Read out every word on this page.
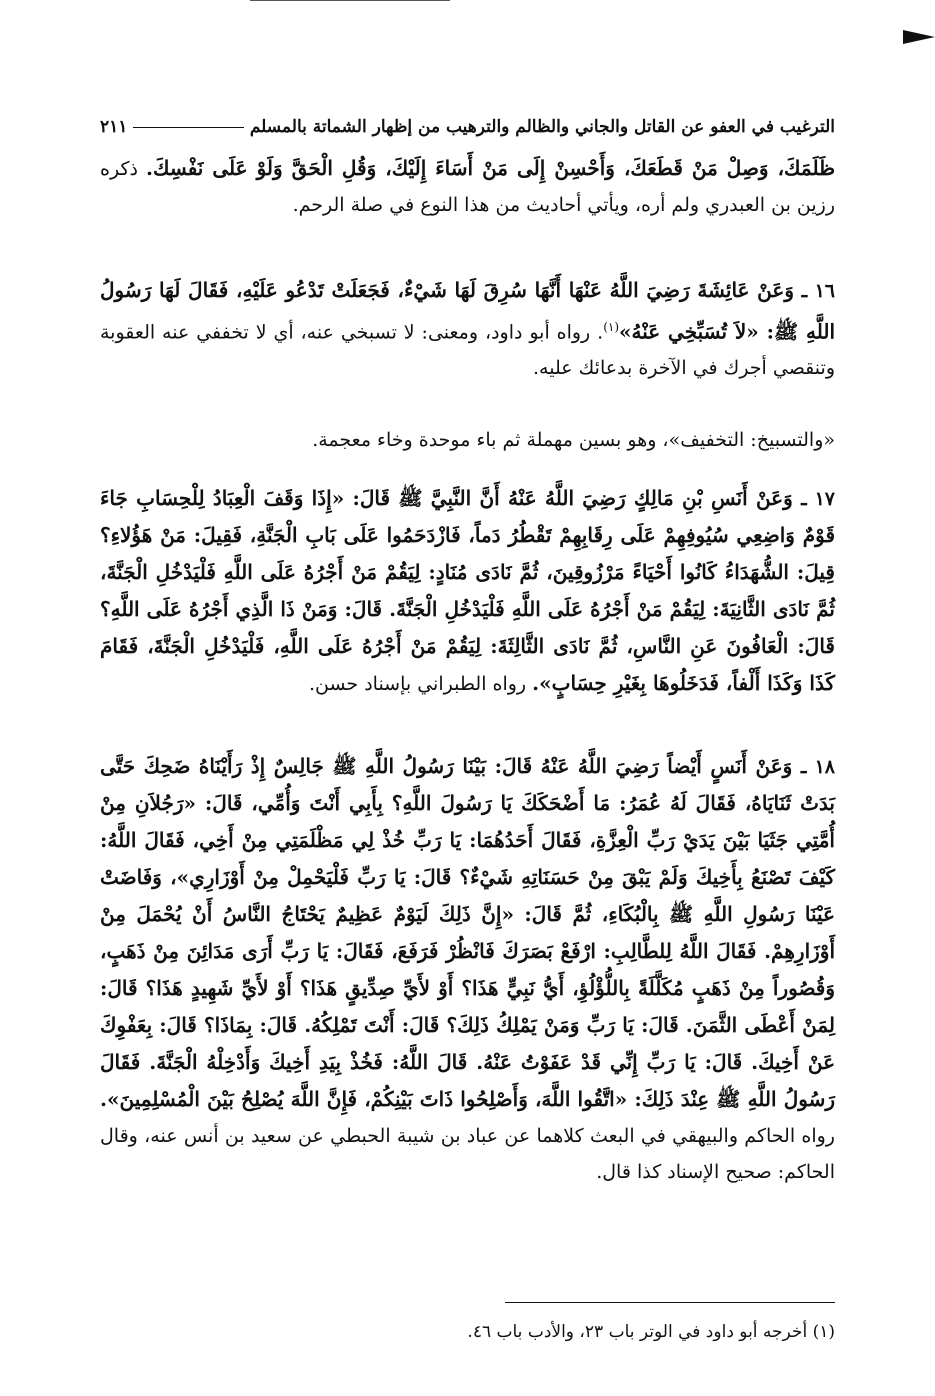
الترغيب في العفو عن القاتل والجاني والظالم والترهيب من إظهار الشماتة بالمسلم
٢١١

ظَلَمَكَ، وَصِلْ مَنْ قَطَعَكَ، وَأَحْسِنْ إِلَى مَنْ أَسَاءَ إِلَيْكَ، وَقُلِ الْحَقَّ وَلَوْ عَلَى نَفْسِكَ. ذكره رزين بن العبدري ولم أره، ويأتي أحاديث من هذا النوع في صلة الرحم.

١٦ ـ وَعَنْ عَائِشَةَ رَضِيَ اللَّهُ عَنْهَا أَنَّهَا سُرِقَ لَهَا شَيْءٌ، فَجَعَلَتْ تَدْعُو عَلَيْهِ، فَقَالَ لَهَا رَسُولُ اللَّهِ ﷺ: «لاَ تُسَبِّخِي عَنْهُ»$^{(١)}$. رواه أبو داود، ومعنى: لا تسبخي عنه، أي لا تخففي عنه العقوبة وتنقصي أجرك في الآخرة بدعائك عليه.

«والتسبيخ: التخفيف»، وهو بسين مهملة ثم باء موحدة وخاء معجمة.

١٧ ـ وَعَنْ أَنَسِ بْنِ مَالِكٍ رَضِيَ اللَّهُ عَنْهُ أَنَّ النَّبِيَّ ﷺ قَالَ: «إِذَا وَقَفَ الْعِبَادُ لِلْحِسَابِ جَاءَ قَوْمٌ وَاضِعِي سُيُوفِهِمْ عَلَى رِقَابِهِمْ تَقْطُرُ دَماً، فَازْدَحَمُوا عَلَى بَابِ الْجَنَّةِ، فَقِيلَ: مَنْ هَؤُلاءِ؟ قِيلَ: الشُّهَدَاءُ كَانُوا أَحْيَاءً مَرْزُوقِينَ، ثُمَّ نَادَى مُنَادٍ: لِيَقُمْ مَنْ أَجْرُهُ عَلَى اللَّهِ فَلْيَدْخُلِ الْجَنَّةَ، ثُمَّ نَادَى الثَّانِيَةَ: لِيَقُمْ مَنْ أَجْرُهُ عَلَى اللَّهِ فَلْيَدْخُلِ الْجَنَّةَ. قَالَ: وَمَنْ ذَا الَّذِي أَجْرُهُ عَلَى اللَّهِ؟ قَالَ: الْعَافُونَ عَنِ النَّاسِ، ثُمَّ نَادَى الثَّالِثَةَ: لِيَقُمْ مَنْ أَجْرُهُ عَلَى اللَّهِ، فَلْيَدْخُلِ الْجَنَّةَ، فَقَامَ كَذَا وَكَذَا أَلْفاً، فَدَخَلُوهَا بِغَيْرِ حِسَابٍ». رواه الطبراني بإسناد حسن.

١٨ ـ وَعَنْ أَنَسٍ أَيْضاً رَضِيَ اللَّهُ عَنْهُ قَالَ: بَيْنَا رَسُولُ اللَّهِ ﷺ جَالِسٌ إِذْ رَأَيْنَاهُ ضَحِكَ حَتَّى بَدَتْ ثَنَايَاهُ، فَقَالَ لَهُ عُمَرُ: مَا أَضْحَكَكَ يَا رَسُولَ اللَّهِ؟ بِأَبِي أَنْتَ وَأُمِّي، قَالَ: «رَجُلاَنِ مِنْ أُمَّتِي جَثَيَا بَيْنَ يَدَيْ رَبِّ الْعِزَّةِ، فَقَالَ أَحَدُهُمَا: يَا رَبِّ خُذْ لِي مَظْلَمَتِي مِنْ أَخِي، فَقَالَ اللَّهُ: كَيْفَ تَصْنَعُ بِأَخِيكَ وَلَمْ يَبْقَ مِنْ حَسَنَاتِهِ شَيْءٌ؟ قَالَ: يَا رَبِّ فَلْيَحْمِلْ مِنْ أَوْزَارِي»، وَفَاضَتْ عَيْنَا رَسُولِ اللَّهِ ﷺ بِالْبُكَاءِ، ثُمَّ قَالَ: «إِنَّ ذَلِكَ لَيَوْمٌ عَظِيمٌ يَحْتَاجُ النَّاسُ أَنْ يُحْمَلَ مِنْ أَوْزَارِهِمْ. فَقَالَ اللَّهُ لِلطَّالِبِ: ارْفَعْ بَصَرَكَ فَانْظُرْ فَرَفَعَ، فَقَالَ: يَا رَبِّ أَرَى مَدَائِنَ مِنْ ذَهَبٍ، وَقُصُوراً مِنْ ذَهَبٍ مُكَلَّلَةً بِاللُّؤْلُؤِ، أَيُّ نَبِيٍّ هَذَا؟ أَوْ لأَيِّ صِدِّيقٍ هَذَا؟ أَوْ لأَيِّ شَهِيدٍ هَذَا؟ قَالَ: لِمَنْ أَعْطَى الثَّمَنَ. قَالَ: يَا رَبِّ وَمَنْ يَمْلِكُ ذَلِكَ؟ قَالَ: أَنْتَ تَمْلِكُهُ. قَالَ: بِمَاذَا؟ قَالَ: بِعَفْوِكَ عَنْ أَخِيكَ. قَالَ: يَا رَبِّ إِنِّي قَدْ عَفَوْتُ عَنْهُ. قَالَ اللَّهُ: فَخُذْ بِيَدِ أَخِيكَ وَأَدْخِلْهُ الْجَنَّةَ. فَقَالَ رَسُولُ اللَّهِ ﷺ عِنْدَ ذَلِكَ: «اتَّقُوا اللَّهَ، وَأَصْلِحُوا ذَاتَ بَيْنِكُمْ، فَإِنَّ اللَّهَ يُصْلِحُ بَيْنَ الْمُسْلِمِينَ». رواه الحاكم والبيهقي في البعث كلاهما عن عباد بن شيبة الحبطي عن سعيد بن أنس عنه، وقال الحاكم: صحيح الإسناد كذا قال.

(١) أخرجه أبو داود في الوتر باب ٢٣، والأدب باب ٤٦.
